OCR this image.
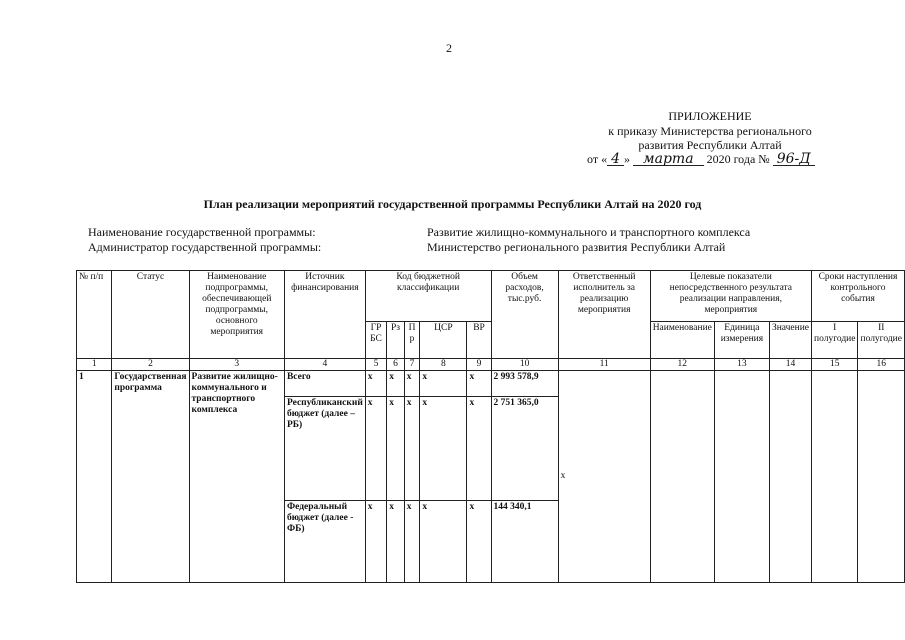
2
ПРИЛОЖЕНИЕ
к приказу Министерства регионального
развития Республики Алтай
от « 4 » марта 2020 года № 96-Д
План реализации мероприятий государственной программы Республики Алтай на 2020 год
Наименование государственной программы:	Развитие жилищно-коммунального и транспортного комплекса
Администратор государственной программы:	Министерство регионального развития Республики Алтай
№ п/п	Статус	Наименование подпрограммы, обеспечивающей подпрограммы, основного мероприятия	Источник финансирования	Код бюджетной классификации					Объем расходов, тыс.руб.	Ответственный исполнитель за реализацию мероприятия	Целевые показатели непосредственного результата реализации направления, мероприятия			Сроки наступления контрольного события	
				ГР БС	Рз	П р	ЦСР	ВР			Наименование	Единица измерения	Значение	I полугодие	II полугодие
1	2	3	4	5	6	7	8	9	10	11	12	13	14	15	16
1	Государственная программа	Развитие жилищно-коммунального и транспортного комплекса	Всего	x	x	x	x	x	2 993 578,9	x					
			Республиканский бюджет (далее – РБ)	x	x	x	x	x	2 751 365,0						
			Федеральный бюджет (далее - ФБ)	x	x	x	x	x	144 340,1						
